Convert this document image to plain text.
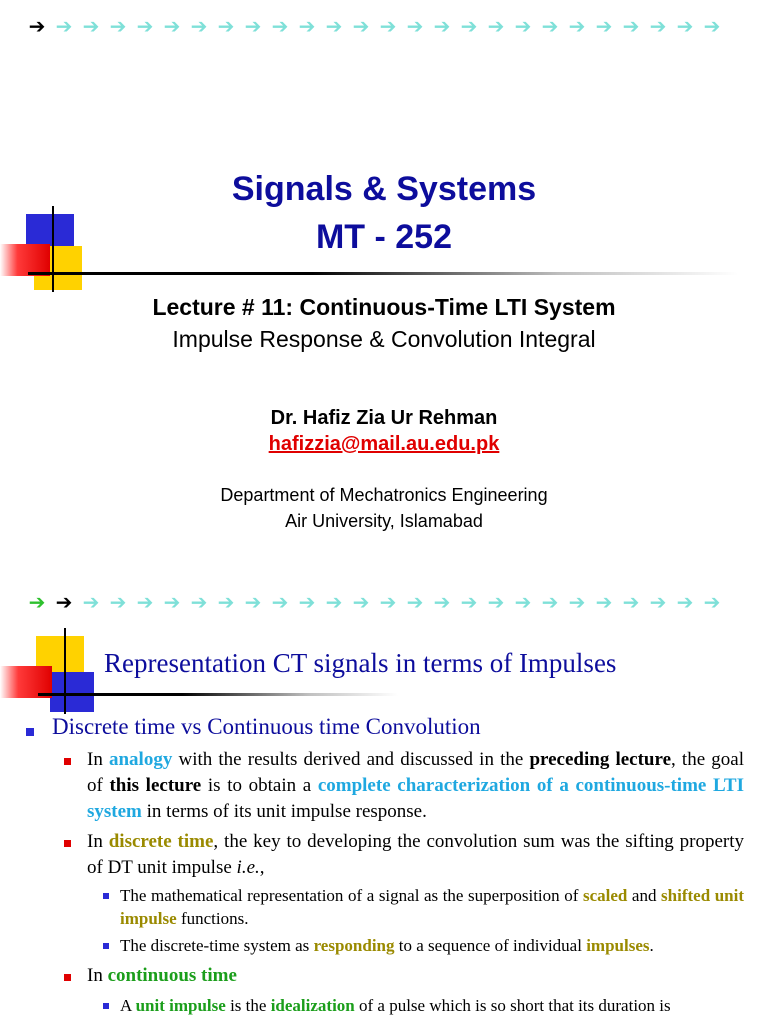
➔ ➔ ➔ ➔ ➔ ➔ ➔ ➔ ➔ ➔ ➔ ➔ ➔ ➔ ➔ ➔ ➔ ➔ ➔ ➔ ➔ ➔ ➔ ➔ ➔ ➔
Signals & Systems
MT - 252
Lecture # 11: Continuous-Time LTI System
Impulse Response & Convolution Integral
Dr. Hafiz Zia Ur Rehman
hafizzia@mail.au.edu.pk
Department of Mechatronics Engineering
Air University, Islamabad
➔ ➔ ➔ ➔ ➔ ➔ ➔ ➔ ➔ ➔ ➔ ➔ ➔ ➔ ➔ ➔ ➔ ➔ ➔ ➔ ➔ ➔ ➔ ➔ ➔ ➔
Representation CT signals in terms of Impulses
Discrete time vs Continuous time Convolution
In analogy with the results derived and discussed in the preceding lecture, the goal of this lecture is to obtain a complete characterization of a continuous-time LTI system in terms of its unit impulse response.
In discrete time, the key to developing the convolution sum was the sifting property of DT unit impulse i.e.,
The mathematical representation of a signal as the superposition of scaled and shifted unit impulse functions.
The discrete-time system as responding to a sequence of individual impulses.
In continuous time
A unit impulse is the idealization of a pulse which is so short that its duration is
